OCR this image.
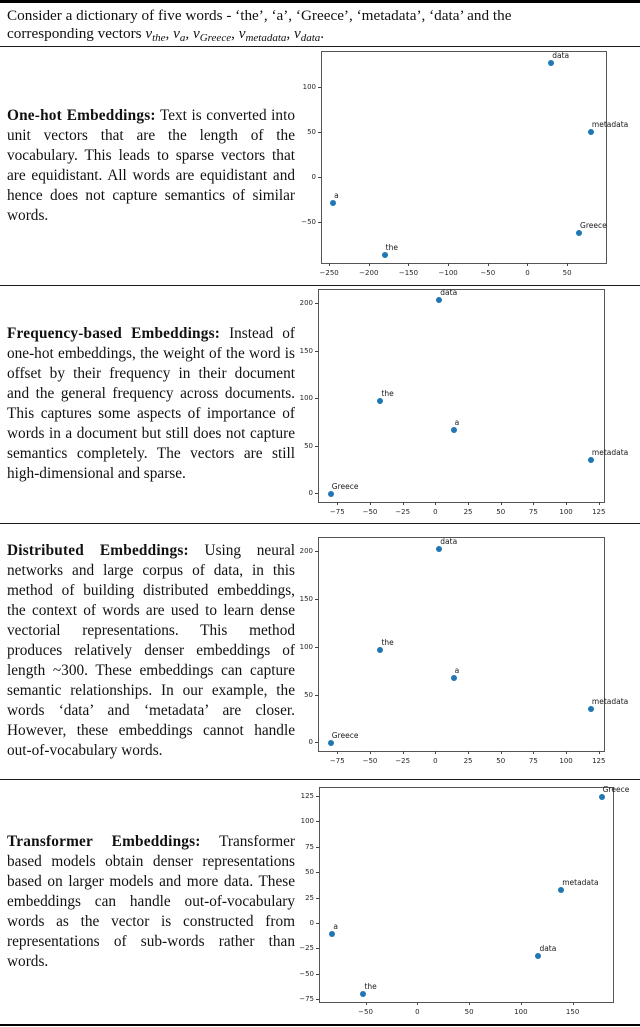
Consider a dictionary of five words - ‘the’, ‘a’, ‘Greece’, ‘metadata’, ‘data’ and the
corresponding vectors vthe, va, vGreece, vmetadata, vdata.

One-hot Embeddings: Text is converted into unit vectors that are the length of the vocabulary. This leads to sparse vectors that are equidistant. All words are equidistant and hence does not capture semantics of similar words.

Frequency-based Embeddings: Instead of one-hot embeddings, the weight of the word is offset by their frequency in their document and the general frequency across documents. This captures some aspects of importance of words in a document but still does not capture semantics completely. The vectors are still high-dimensional and sparse.

Distributed Embeddings: Using neural networks and large corpus of data, in this method of building distributed embeddings, the context of words are used to learn dense vectorial representations. This method produces relatively denser embeddings of length ~300. These embeddings can capture semantic relationships. In our example, the words ‘data’ and ‘metadata’ are closer. However, these embeddings cannot handle out-of-vocabulary words.

Transformer Embeddings: Transformer based models obtain denser representations based on larger models and more data. These embeddings can handle out-of-vocabulary words as the vector is constructed from representations of sub-words rather than words.

−250	−200	−150	−100	−50	0	50
−50
0
50
100
data
metadata
Greece
a
the
−75	−50	−25	0	25	50	75	100	125
0
50
100
150
200
data
the
a
metadata
Greece
−75	−50	−25	0	25	50	75	100	125
0
50
100
150
200
data
the
a
metadata
Greece
−50	0	50	100	150
−75
−50
−25
0
25
50
75
100
125
Greece
metadata
data
a
the
